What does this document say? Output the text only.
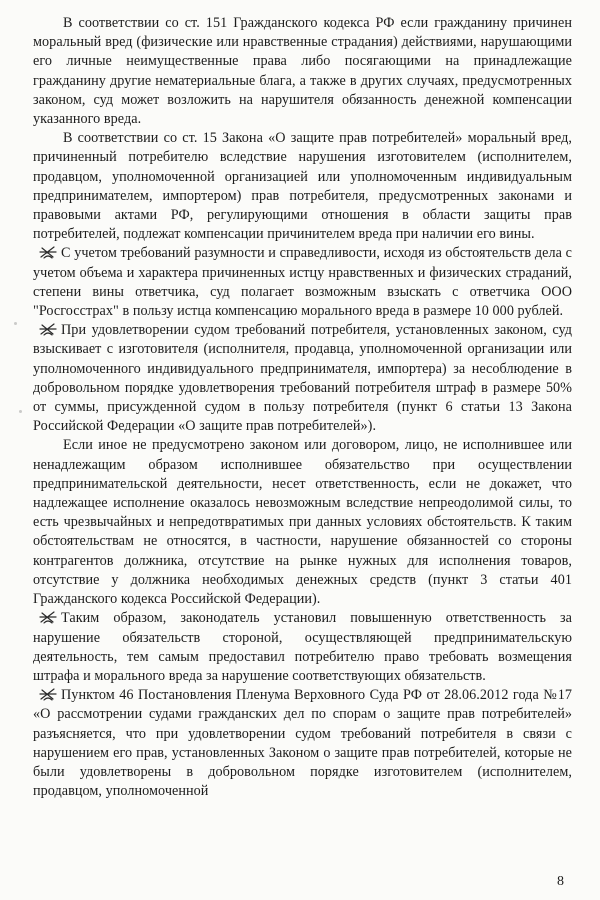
В соответствии со ст. 151 Гражданского кодекса РФ если гражданину причинен моральный вред (физические или нравственные страдания) действиями, нарушающими его личные неимущественные права либо посягающими на принадлежащие гражданину другие нематериальные блага, а также в других случаях, предусмотренных законом, суд может возложить на нарушителя обязанность денежной компенсации указанного вреда.

В соответствии со ст. 15 Закона «О защите прав потребителей» моральный вред, причиненный потребителю вследствие нарушения изготовителем (исполнителем, продавцом, уполномоченной организацией или уполномоченным индивидуальным предпринимателем, импортером) прав потребителя, предусмотренных законами и правовыми актами РФ, регулирующими отношения в области защиты прав потребителей, подлежат компенсации причинителем вреда при наличии его вины.

С учетом требований разумности и справедливости, исходя из обстоятельств дела с учетом объема и характера причиненных истцу нравственных и физических страданий, степени вины ответчика, суд полагает возможным взыскать с ответчика ООО "Росгосстрах" в пользу истца компенсацию морального вреда в размере 10 000 рублей.

При удовлетворении судом требований потребителя, установленных законом, суд взыскивает с изготовителя (исполнителя, продавца, уполномоченной организации или уполномоченного индивидуального предпринимателя, импортера) за несоблюдение в добровольном порядке удовлетворения требований потребителя штраф в размере 50% от суммы, присужденной судом в пользу потребителя (пункт 6 статьи 13 Закона Российской Федерации «О защите прав потребителей»).

Если иное не предусмотрено законом или договором, лицо, не исполнившее или ненадлежащим образом исполнившее обязательство при осуществлении предпринимательской деятельности, несет ответственность, если не докажет, что надлежащее исполнение оказалось невозможным вследствие непреодолимой силы, то есть чрезвычайных и непредотвратимых при данных условиях обстоятельств. К таким обстоятельствам не относятся, в частности, нарушение обязанностей со стороны контрагентов должника, отсутствие на рынке нужных для исполнения товаров, отсутствие у должника необходимых денежных средств (пункт 3 статьи 401 Гражданского кодекса Российской Федерации).

Таким образом, законодатель установил повышенную ответственность за нарушение обязательств стороной, осуществляющей предпринимательскую деятельность, тем самым предоставил потребителю право требовать возмещения штрафа и морального вреда за нарушение соответствующих обязательств.

Пунктом 46 Постановления Пленума Верховного Суда РФ от 28.06.2012 года №17 «О рассмотрении судами гражданских дел по спорам о защите прав потребителей» разъясняется, что при удовлетворении судом требований потребителя в связи с нарушением его прав, установленных Законом о защите прав потребителей, которые не были удовлетворены в добровольном порядке изготовителем (исполнителем, продавцом, уполномоченной

8
